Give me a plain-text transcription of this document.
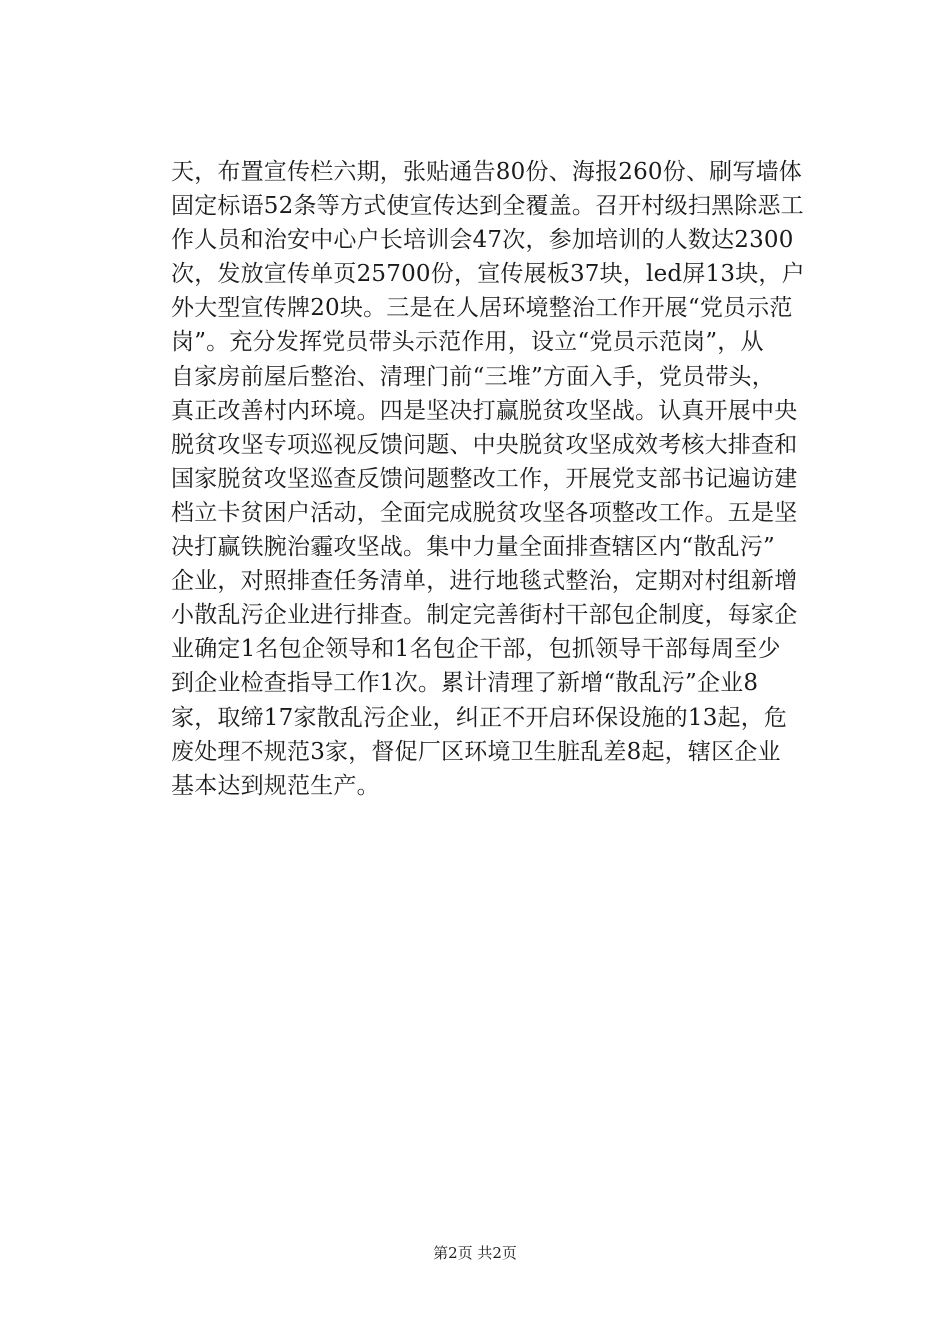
天，布置宣传栏六期，张贴通告80份、海报260份、刷写墙体
固定标语52条等方式使宣传达到全覆盖。召开村级扫黑除恶工
作人员和治安中心户长培训会47次，参加培训的人数达2300
次，发放宣传单页25700份，宣传展板37块，led屏13块，户
外大型宣传牌20块。三是在人居环境整治工作开展“党员示范
岗”。充分发挥党员带头示范作用，设立“党员示范岗”，从
自家房前屋后整治、清理门前“三堆”方面入手，党员带头，
真正改善村内环境。四是坚决打赢脱贫攻坚战。认真开展中央
脱贫攻坚专项巡视反馈问题、中央脱贫攻坚成效考核大排查和
国家脱贫攻坚巡查反馈问题整改工作，开展党支部书记遍访建
档立卡贫困户活动，全面完成脱贫攻坚各项整改工作。五是坚
决打赢铁腕治霾攻坚战。集中力量全面排查辖区内“散乱污”
企业，对照排查任务清单，进行地毯式整治，定期对村组新增
小散乱污企业进行排查。制定完善街村干部包企制度，每家企
业确定1名包企领导和1名包企干部，包抓领导干部每周至少
到企业检查指导工作1次。累计清理了新增“散乱污”企业8
家，取缔17家散乱污企业，纠正不开启环保设施的13起，危
废处理不规范3家，督促厂区环境卫生脏乱差8起，辖区企业
基本达到规范生产。
第2页 共2页
